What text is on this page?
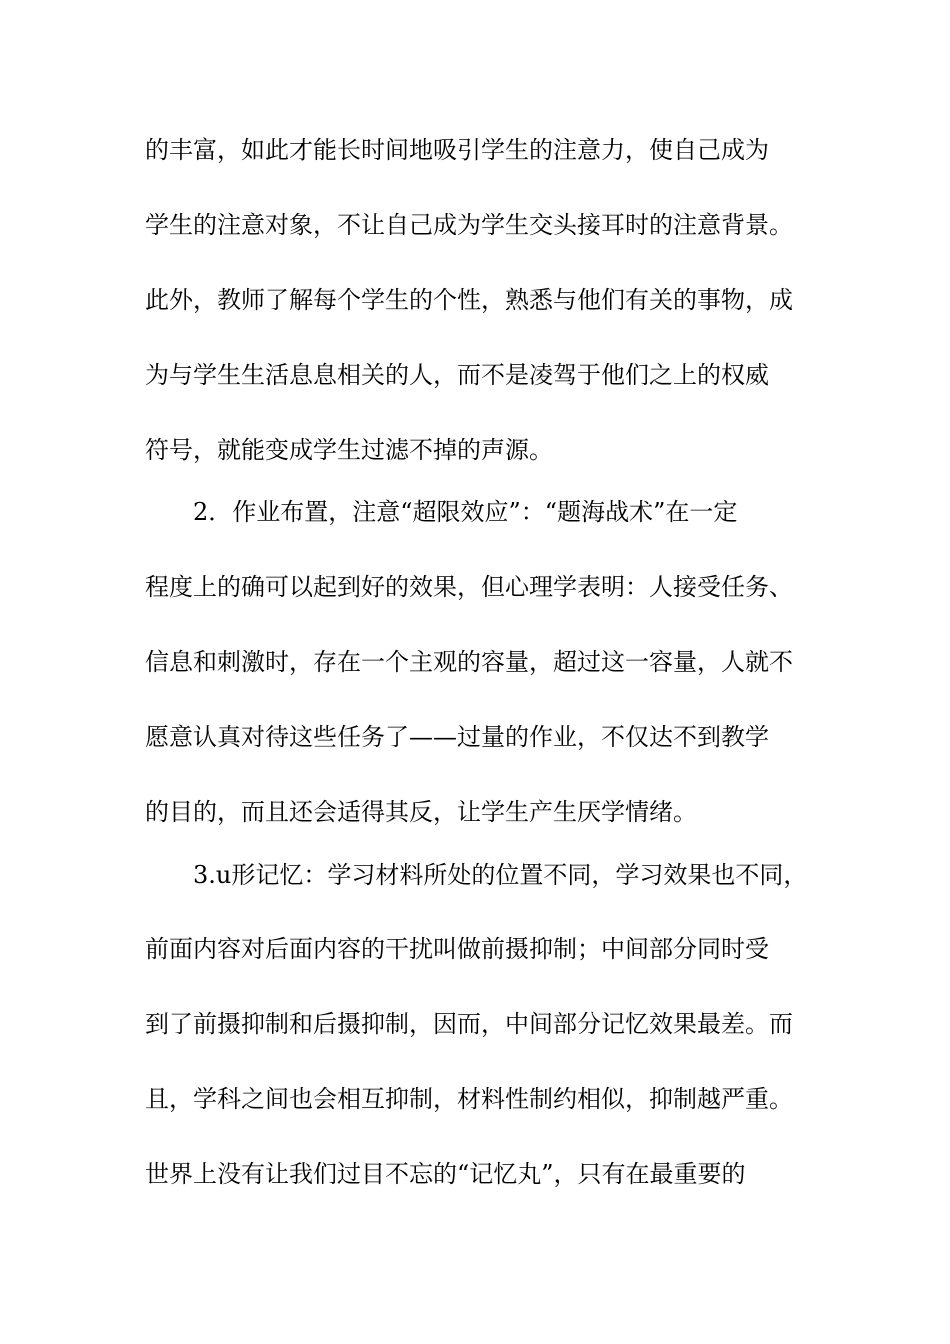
的丰富，如此才能长时间地吸引学生的注意力，使自己成为
学生的注意对象，不让自己成为学生交头接耳时的注意背景。
此外，教师了解每个学生的个性，熟悉与他们有关的事物，成
为与学生生活息息相关的人，而不是凌驾于他们之上的权威
符号，就能变成学生过滤不掉的声源。
2．作业布置，注意“超限效应”：“题海战术”在一定
程度上的确可以起到好的效果，但心理学表明：人接受任务、
信息和刺激时，存在一个主观的容量，超过这一容量，人就不
愿意认真对待这些任务了——过量的作业，不仅达不到教学
的目的，而且还会适得其反，让学生产生厌学情绪。
3.u形记忆：学习材料所处的位置不同，学习效果也不同，
前面内容对后面内容的干扰叫做前摄抑制；中间部分同时受
到了前摄抑制和后摄抑制，因而，中间部分记忆效果最差。而
且，学科之间也会相互抑制，材料性制约相似，抑制越严重。
世界上没有让我们过目不忘的“记忆丸”，只有在最重要的
